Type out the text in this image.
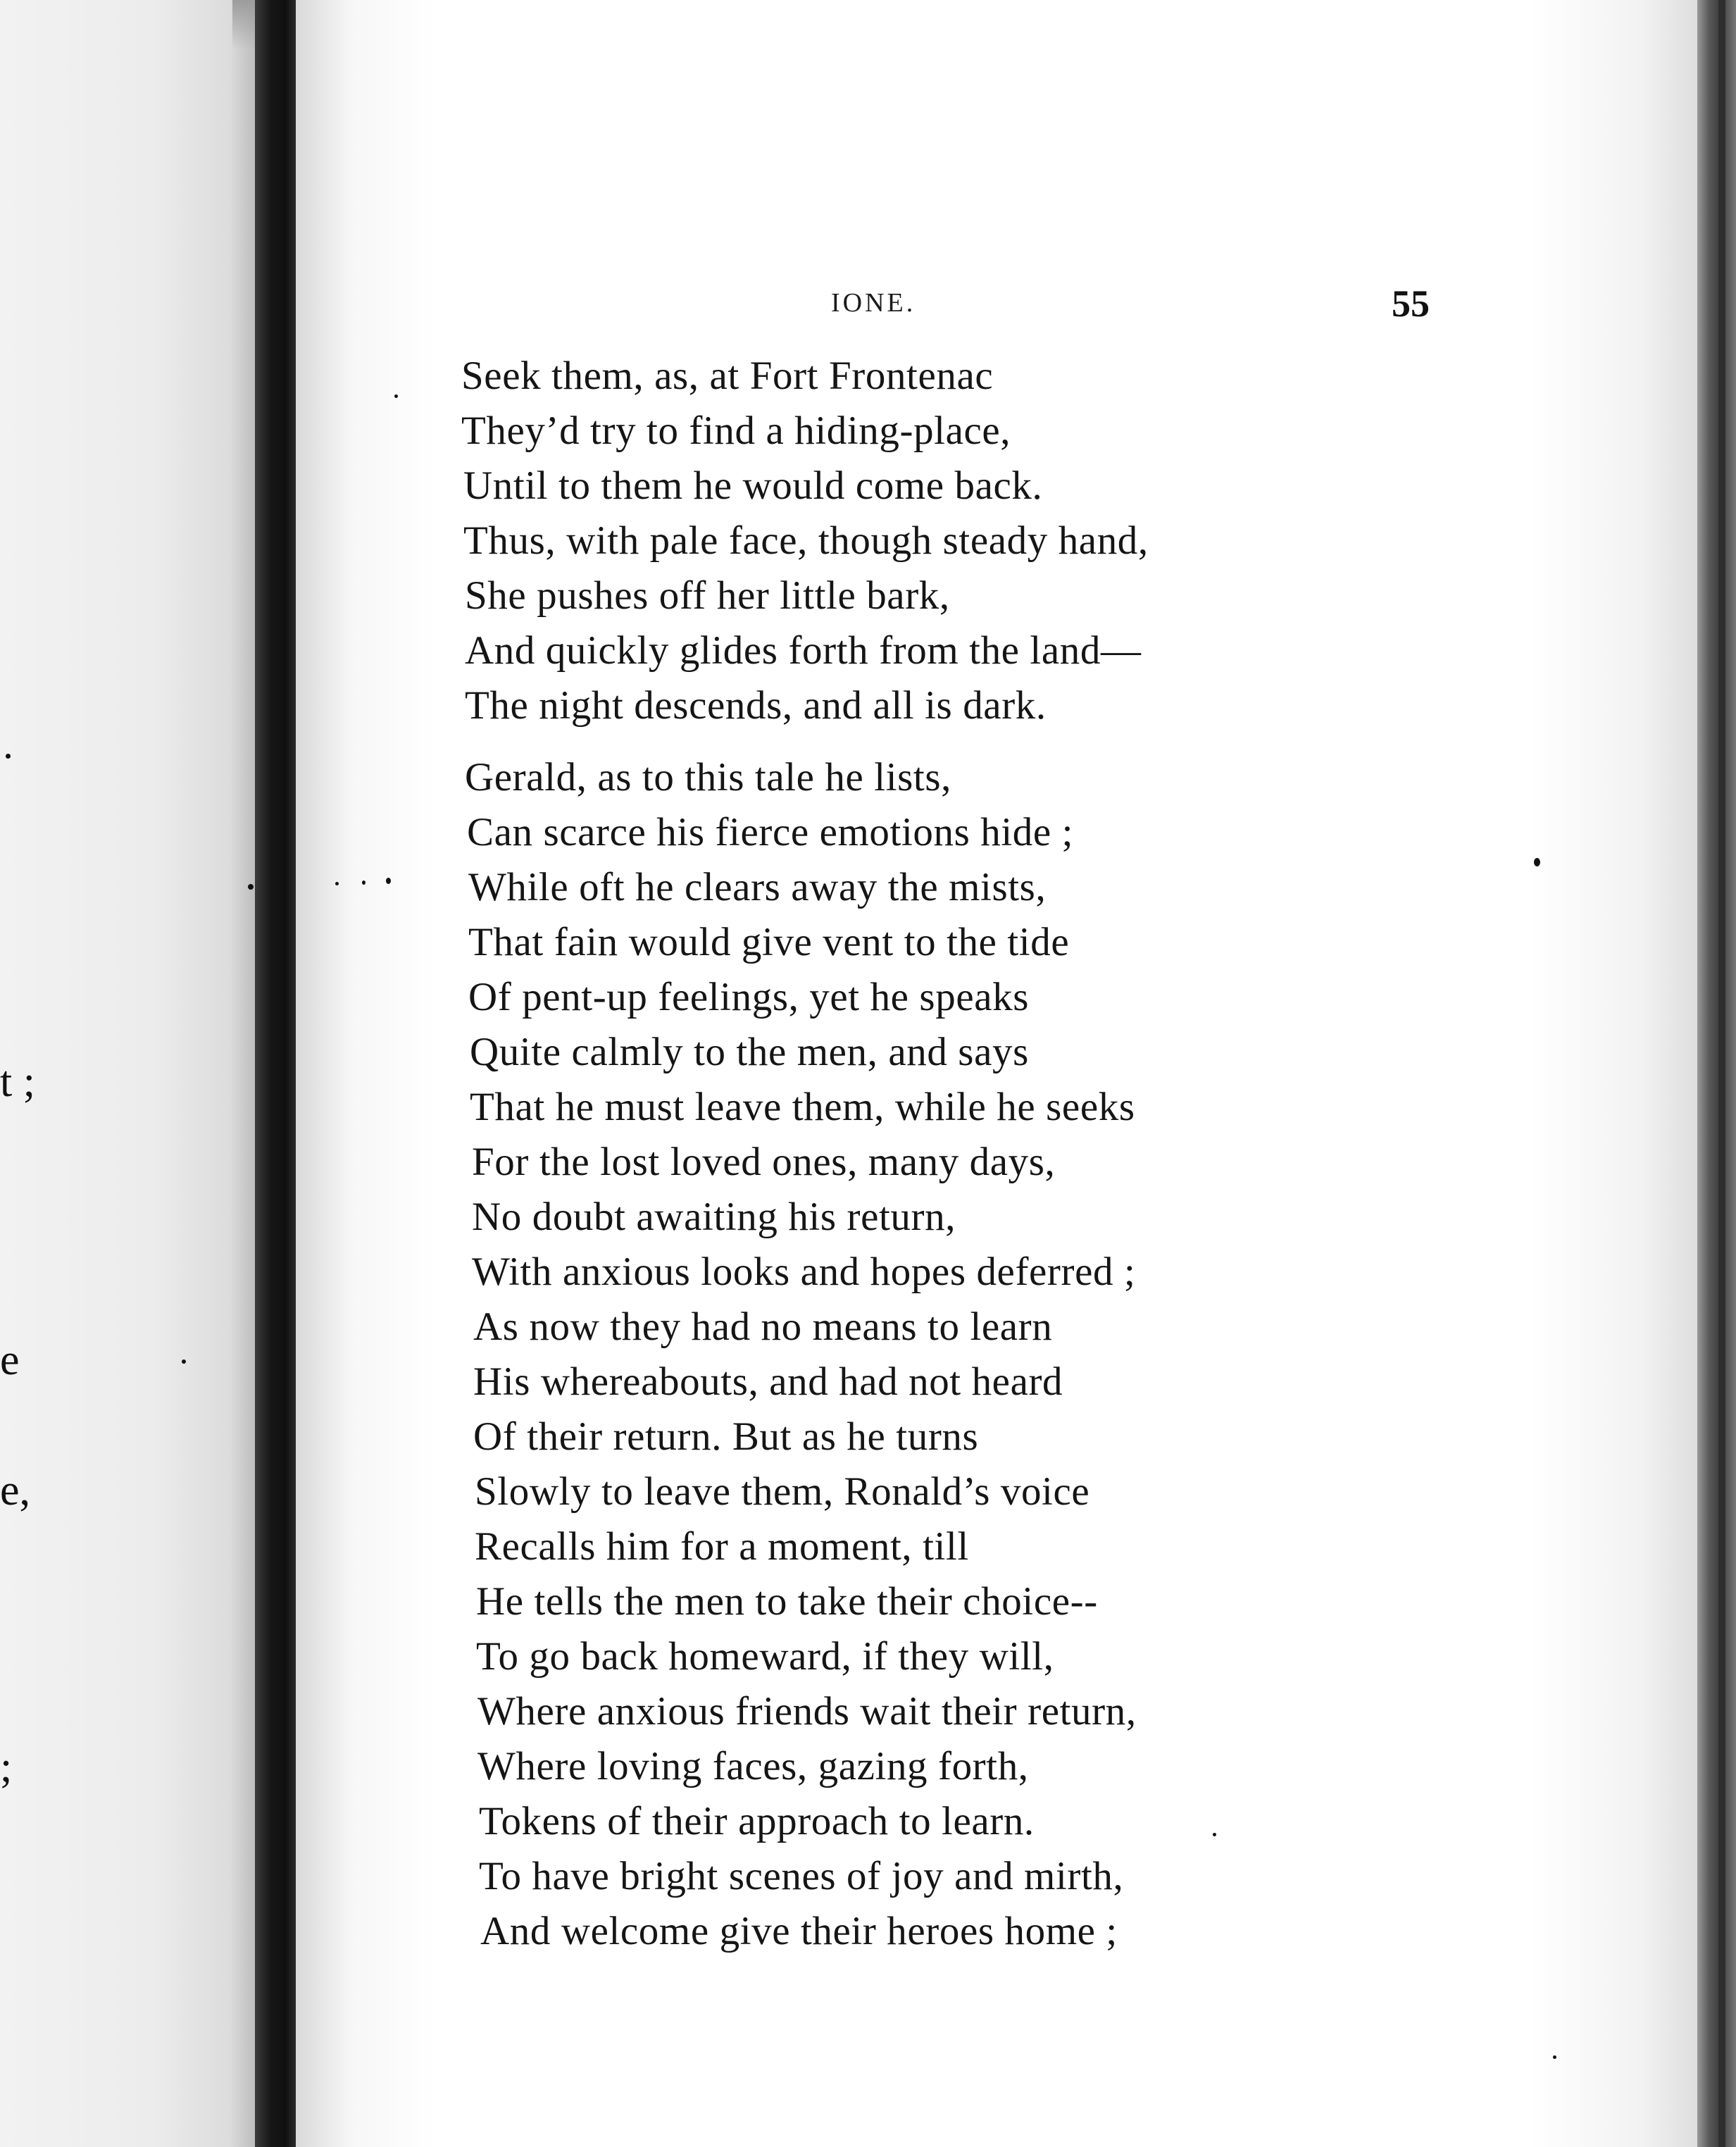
t ;
e
e,
;
IONE.	55
Seek them, as, at Fort Frontenac
They’d try to find a hiding-place,
Until to them he would come back.
Thus, with pale face, though steady hand,
She pushes off her little bark,
And quickly glides forth from the land—
The night descends, and all is dark.
Gerald, as to this tale he lists,
Can scarce his fierce emotions hide ;
While oft he clears away the mists,
That fain would give vent to the tide
Of pent-up feelings, yet he speaks
Quite calmly to the men, and says
That he must leave them, while he seeks
For the lost loved ones, many days,
No doubt awaiting his return,
With anxious looks and hopes deferred ;
As now they had no means to learn
His whereabouts, and had not heard
Of their return. But as he turns
Slowly to leave them, Ronald’s voice
Recalls him for a moment, till
He tells the men to take their choice--
To go back homeward, if they will,
Where anxious friends wait their return,
Where loving faces, gazing forth,
Tokens of their approach to learn.
To have bright scenes of joy and mirth,
And welcome give their heroes home ;
